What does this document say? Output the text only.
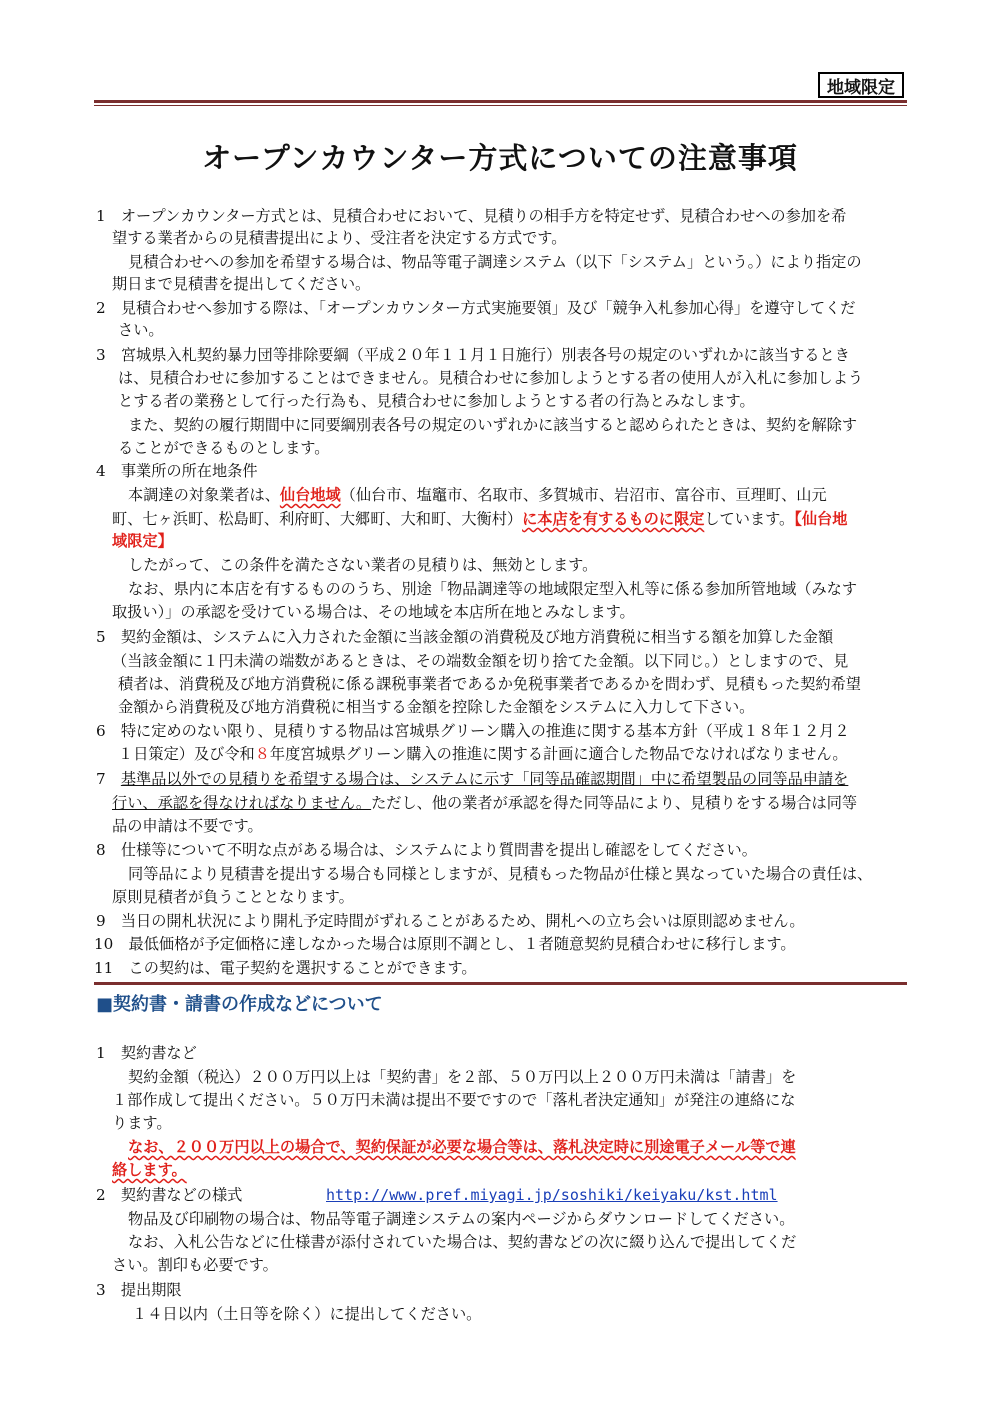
地域限定
オープンカウンター方式についての注意事項
1　オープンカウンター方式とは、見積合わせにおいて、見積りの相手方を特定せず、見積合わせへの参加を希
望する業者からの見積書提出により、受注者を決定する方式です。
見積合わせへの参加を希望する場合は、物品等電子調達システム（以下「システム」という。）により指定の
期日まで見積書を提出してください。
2　見積合わせへ参加する際は、「オープンカウンター方式実施要領」及び「競争入札参加心得」を遵守してくだ
さい。
3　宮城県入札契約暴力団等排除要綱（平成２０年１１月１日施行）別表各号の規定のいずれかに該当するとき
は、見積合わせに参加することはできません。見積合わせに参加しようとする者の使用人が入札に参加しよう
とする者の業務として行った行為も、見積合わせに参加しようとする者の行為とみなします。
また、契約の履行期間中に同要綱別表各号の規定のいずれかに該当すると認められたときは、契約を解除す
ることができるものとします。
4　事業所の所在地条件
本調達の対象業者は、仙台地域（仙台市、塩竈市、名取市、多賀城市、岩沼市、富谷市、亘理町、山元
町、七ヶ浜町、松島町、利府町、大郷町、大和町、大衡村）に本店を有するものに限定しています。【仙台地
域限定】
したがって、この条件を満たさない業者の見積りは、無効とします。
なお、県内に本店を有するもののうち、別途「物品調達等の地域限定型入札等に係る参加所管地域（みなす
取扱い）」の承認を受けている場合は、その地域を本店所在地とみなします。
5　契約金額は、システムに入力された金額に当該金額の消費税及び地方消費税に相当する額を加算した金額
（当該金額に１円未満の端数があるときは、その端数金額を切り捨てた金額。以下同じ。）としますので、見
積者は、消費税及び地方消費税に係る課税事業者であるか免税事業者であるかを問わず、見積もった契約希望
金額から消費税及び地方消費税に相当する金額を控除した金額をシステムに入力して下さい。
6　特に定めのない限り、見積りする物品は宮城県グリーン購入の推進に関する基本方針（平成１８年１２月２
１日策定）及び令和８年度宮城県グリーン購入の推進に関する計画に適合した物品でなければなりません。
7　基準品以外での見積りを希望する場合は、システムに示す「同等品確認期間」中に希望製品の同等品申請を
行い、承認を得なければなりません。ただし、他の業者が承認を得た同等品により、見積りをする場合は同等
品の申請は不要です。
8　仕様等について不明な点がある場合は、システムにより質問書を提出し確認をしてください。
同等品により見積書を提出する場合も同様としますが、見積もった物品が仕様と異なっていた場合の責任は、
原則見積者が負うこととなります。
9　当日の開札状況により開札予定時間がずれることがあるため、開札への立ち会いは原則認めません。
10　最低価格が予定価格に達しなかった場合は原則不調とし、１者随意契約見積合わせに移行します。
11　この契約は、電子契約を選択することができます。
■契約書・請書の作成などについて
1　契約書など
契約金額（税込）２００万円以上は「契約書」を２部、５０万円以上２００万円未満は「請書」を
１部作成して提出ください。５０万円未満は提出不要ですので「落札者決定通知」が発注の連絡にな
ります。
なお、２００万円以上の場合で、契約保証が必要な場合等は、落札決定時に別途電子メール等で連
絡します。
2　契約書などの様式	http://www.pref.miyagi.jp/soshiki/keiyaku/kst.html
物品及び印刷物の場合は、物品等電子調達システムの案内ページからダウンロードしてください。
なお、入札公告などに仕様書が添付されていた場合は、契約書などの次に綴り込んで提出してくだ
さい。割印も必要です。
3　提出期限
１４日以内（土日等を除く）に提出してください。
